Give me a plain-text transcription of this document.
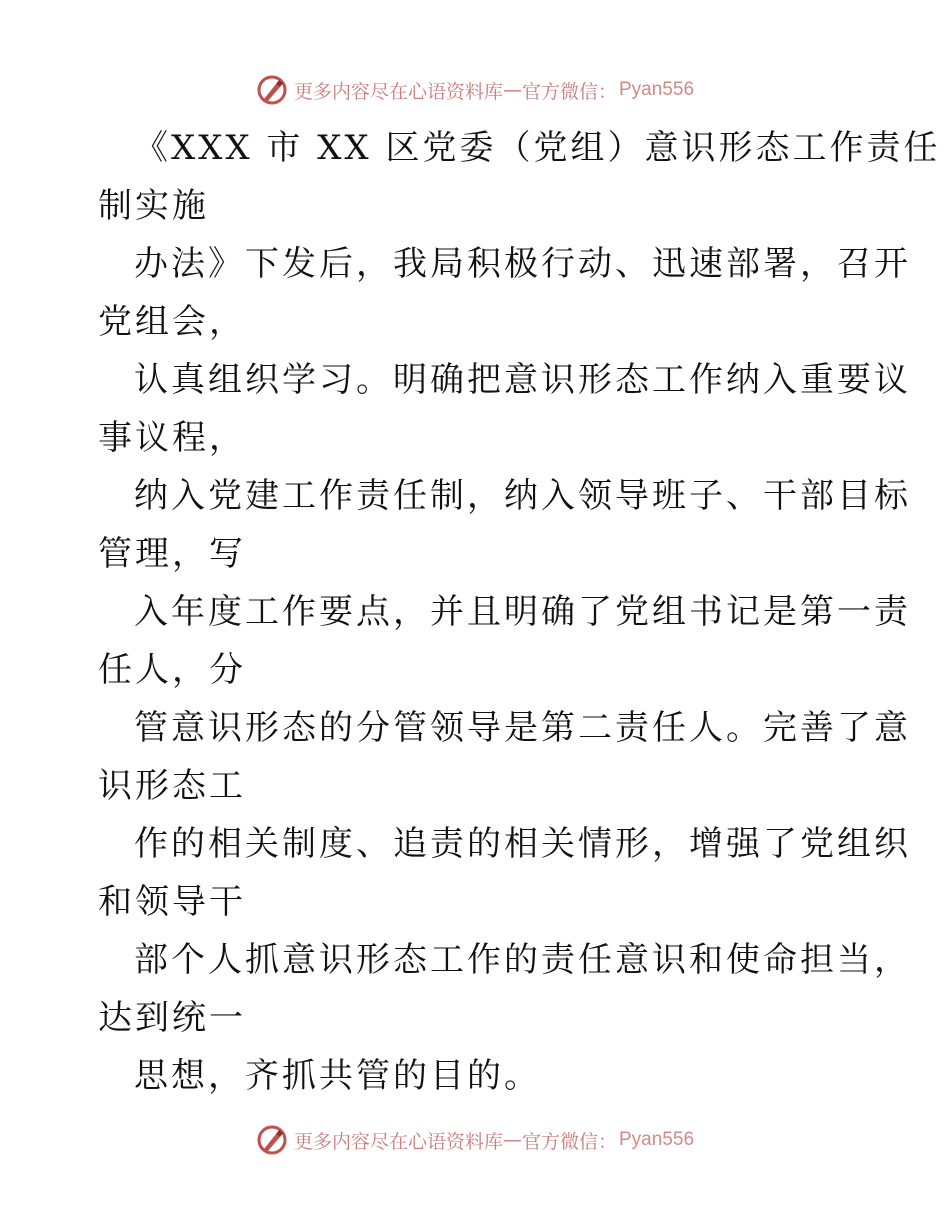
更多内容尽在心语资料库 — 官方微信： Pyan556
《XXX 市 XX 区党委（党组）意识形态工作责任
制实施
办法》下发后，我局积极行动、迅速部署，召开
党组会，
认真组织学习。明确把意识形态工作纳入重要议
事议程，
纳入党建工作责任制，纳入领导班子、干部目标
管理，写
入年度工作要点，并且明确了党组书记是第一责
任人，分
管意识形态的分管领导是第二责任人。完善了意
识形态工
作的相关制度、追责的相关情形，增强了党组织
和领导干
部个人抓意识形态工作的责任意识和使命担当，
达到统一
思想，齐抓共管的目的。
更多内容尽在心语资料库 — 官方微信： Pyan556
